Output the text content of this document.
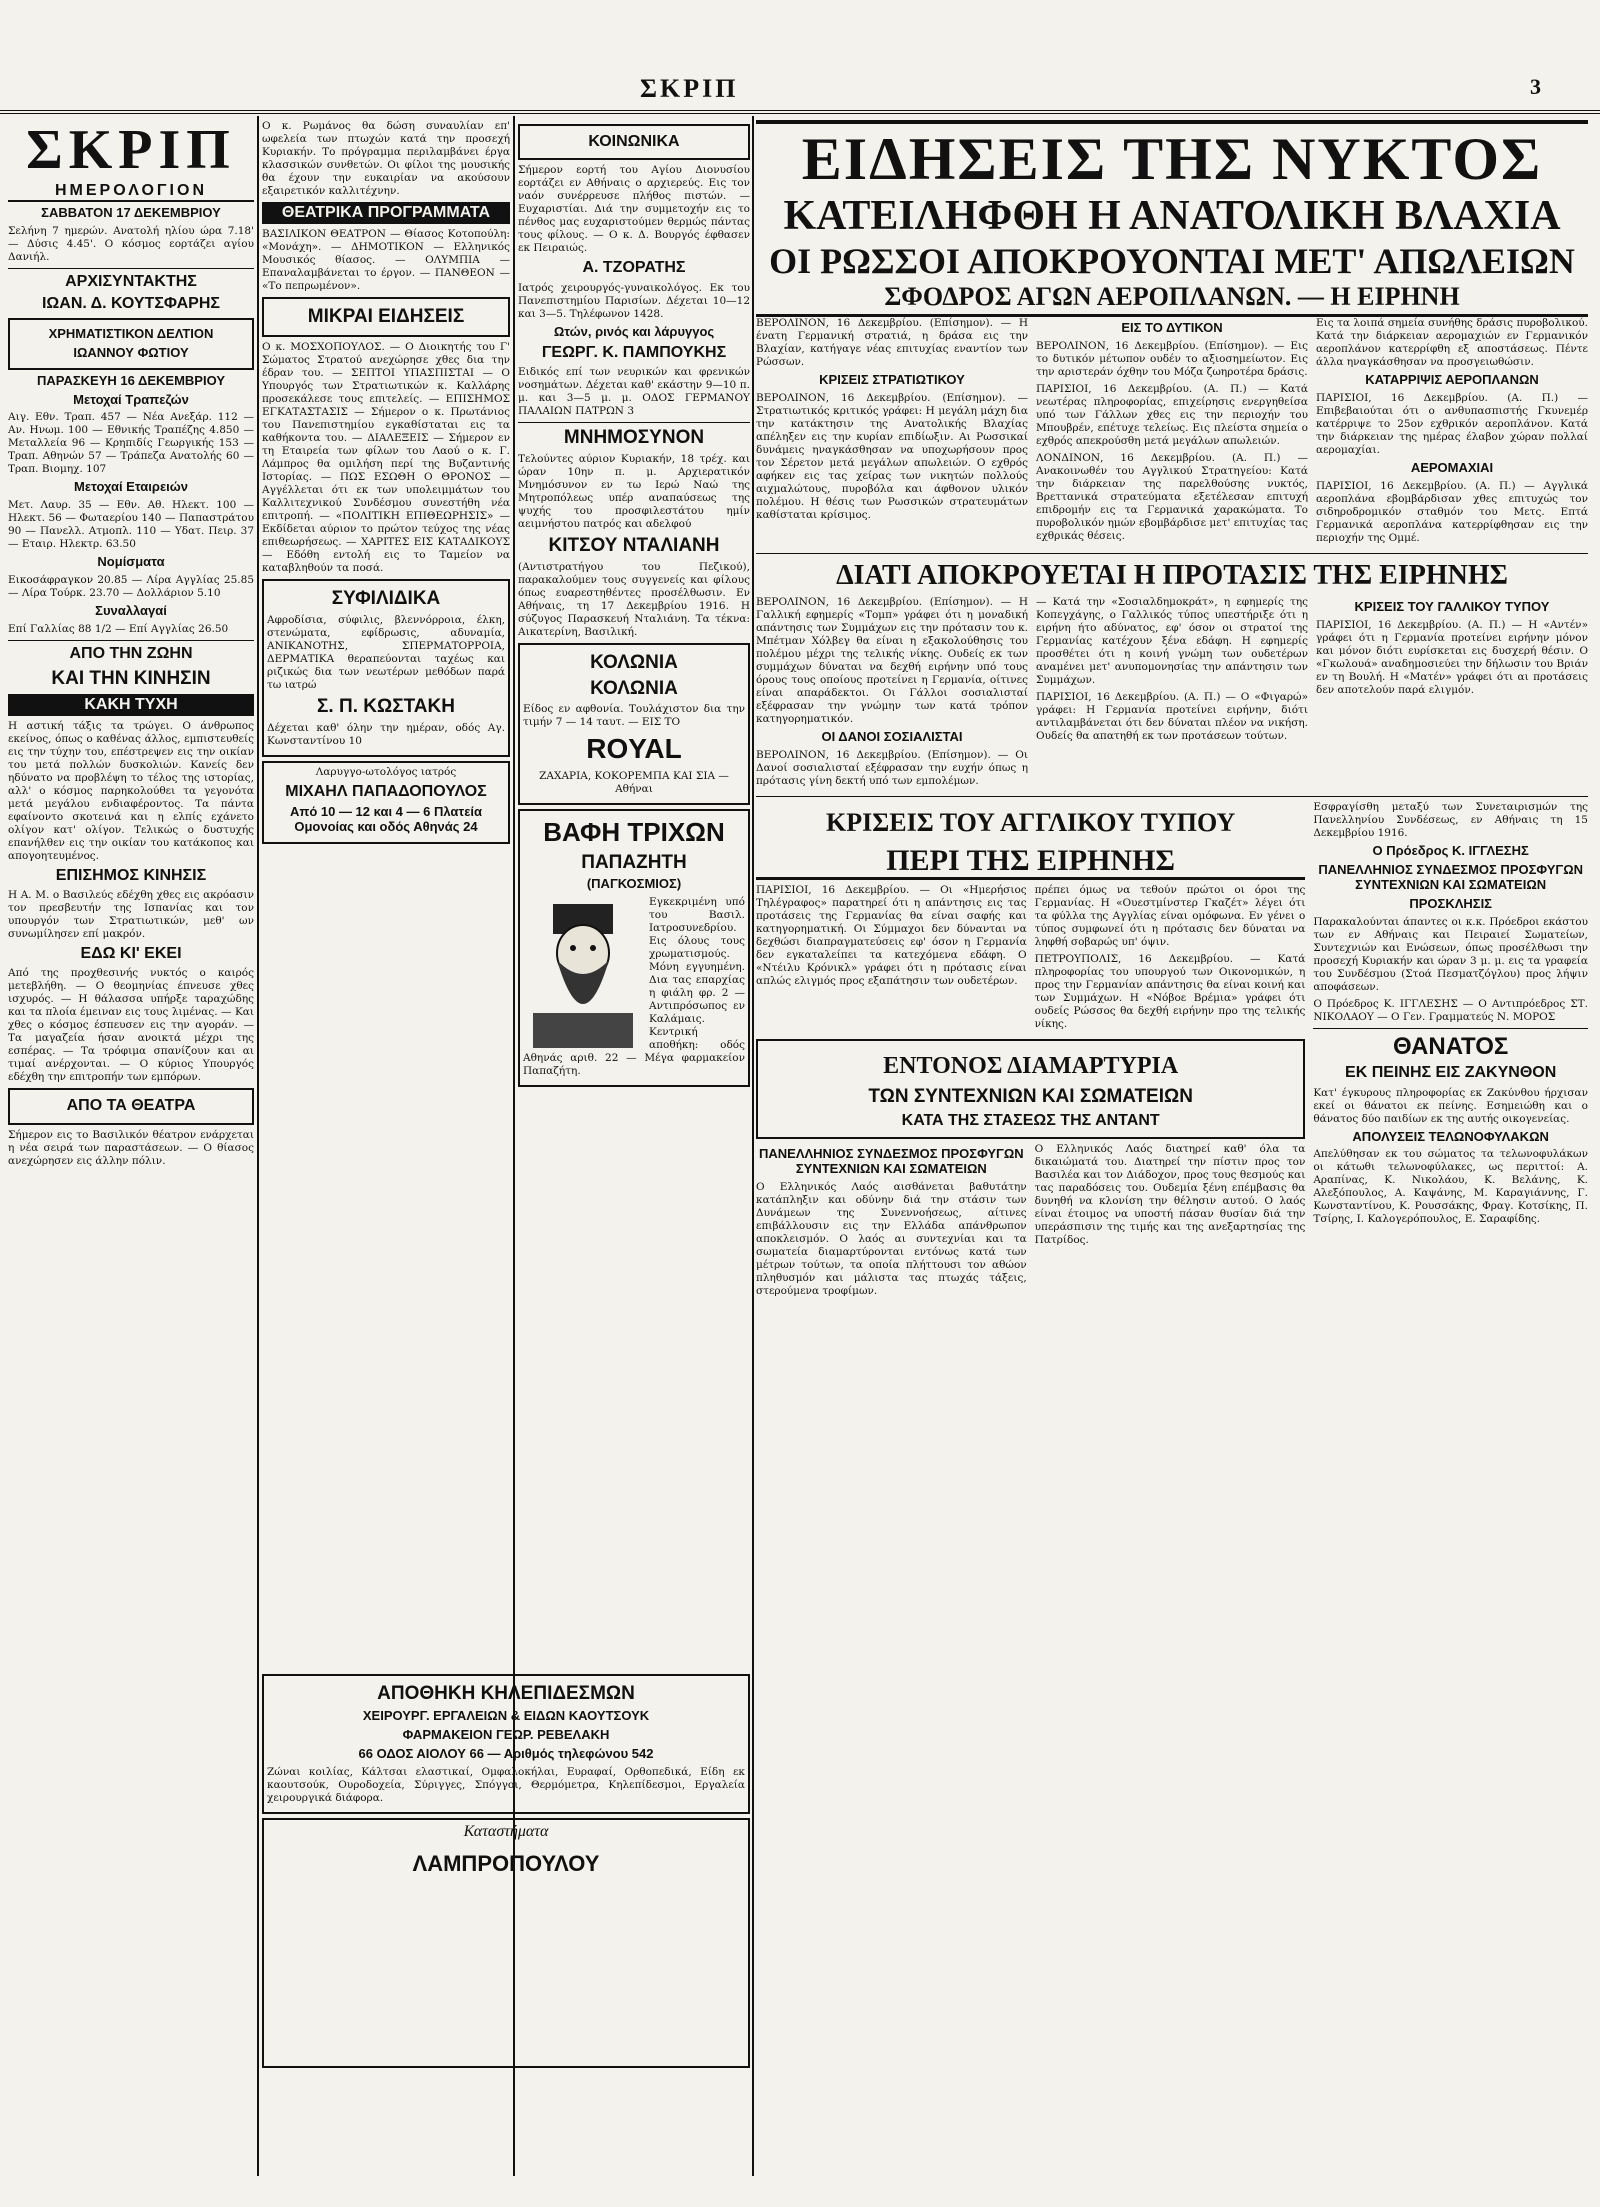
ΣΚΡΙΠ	3
ΣΚΡΙΠ
ΗΜΕΡΟΛΟΓΙΟΝ
ΣΑΒΒΑΤΟΝ 17 ΔΕΚΕΜΒΡΙΟΥ

Σελήνη 7 ημερών. Ανατολή ηλίου ώρα 7.18' — Δύσις 4.45'. Ο κόσμος εορτάζει αγίου Δανιήλ.

ΑΡΧΙΣΥΝΤΑΚΤΗΣ
ΙΩΑΝ. Δ. ΚΟΥΤΣΦΑΡΗΣ
ΧΡΗΜΑΤΙΣΤΙΚΟΝ ΔΕΛΤΙΟΝ
ΙΩΑΝΝΟΥ ΦΩΤΙΟΥ
ΠΑΡΑΣΚΕΥΗ 16 ΔΕΚΕΜΒΡΙΟΥ
Μετοχαί Τραπεζών

Αιγ. Εθν. Τραπ. 457 — Νέα Ανεξάρ. 112 — Αν. Ηνωμ. 100 — Εθνικής Τραπέζης 4.850 — Μεταλλεία 96 — Κρηπιδίς Γεωργικής 153 — Τραπ. Αθηνών 57 — Τράπεζα Ανατολής 60 — Τραπ. Βιομηχ. 107

Μετοχαί Εταιρειών

Μετ. Λαυρ. 35 — Εθν. Αθ. Ηλεκτ. 100 — Ηλεκτ. 56 — Φωταερίου 140 — Παπαστράτου 90 — Πανελλ. Ατμοπλ. 110 — Υδατ. Πειρ. 37 — Εταιρ. Ηλεκτρ. 63.50

Νομίσματα

Εικοσάφραγκον 20.85 — Λίρα Αγγλίας 25.85 — Λίρα Τούρκ. 23.70 — Δολλάριον 5.10

Συναλλαγαί

Επί Γαλλίας 88 1/2 — Επί Αγγλίας 26.50

ΑΠΟ ΤΗΝ ΖΩΗΝ
ΚΑΙ ΤΗΝ ΚΙΝΗΣΙΝ
ΚΑΚΗ ΤΥΧΗ

Η αστική τάξις τα τρώγει. Ο άνθρωπος εκείνος, όπως ο καθένας άλλος, εμπιστευθείς εις την τύχην του, επέστρεψεν εις την οικίαν του μετά πολλών δυσκολιών. Κανείς δεν ηδύνατο να προβλέψη το τέλος της ιστορίας, αλλ' ο κόσμος παρηκολούθει τα γεγονότα μετά μεγάλου ενδιαφέροντος. Τα πάντα εφαίνοντο σκοτεινά και η ελπίς εχάνετο ολίγον κατ' ολίγον. Τελικώς ο δυστυχής επανήλθεν εις την οικίαν του κατάκοπος και απογοητευμένος.

ΕΠΙΣΗΜΟΣ ΚΙΝΗΣΙΣ

Η Α. Μ. ο Βασιλεύς εδέχθη χθες εις ακρόασιν τον πρεσβευτήν της Ισπανίας και τον υπουργόν των Στρατιωτικών, μεθ' ων συνωμίλησεν επί μακρόν.

ΕΔΩ ΚΙ' ΕΚΕΙ

Από της προχθεσινής νυκτός ο καιρός μετεβλήθη. — Ο θεομηνίας έπνευσε χθες ισχυρός. — Η θάλασσα υπήρξε ταραχώδης και τα πλοία έμειναν εις τους λιμένας. — Και χθες ο κόσμος έσπευσεν εις την αγοράν. — Τα μαγαζεία ήσαν ανοικτά μέχρι της εσπέρας. — Τα τρόφιμα σπανίζουν και αι τιμαί ανέρχονται. — Ο κύριος Υπουργός εδέχθη την επιτροπήν των εμπόρων.

ΑΠΟ ΤΑ ΘΕΑΤΡΑ

Σήμερον εις το Βασιλικόν θέατρον ενάρχεται η νέα σειρά των παραστάσεων. — Ο θίασος ανεχώρησεν εις άλλην πόλιν.

Ο κ. Ρωμάνος θα δώση συναυλίαν επ' ωφελεία των πτωχών κατά την προσεχή Κυριακήν. Το πρόγραμμα περιλαμβάνει έργα κλασσικών συνθετών. Οι φίλοι της μουσικής θα έχουν την ευκαιρίαν να ακούσουν εξαιρετικόν καλλιτέχνην.

ΘΕΑΤΡΙΚΑ ΠΡΟΓΡΑΜΜΑΤΑ

ΒΑΣΙΛΙΚΟΝ ΘΕΑΤΡΟΝ — Θίασος Κοτοπούλη: «Μονάχη». — ΔΗΜΟΤΙΚΟΝ — Ελληνικός Μουσικός θίασος. — ΟΛΥΜΠΙΑ — Επαναλαμβάνεται το έργον. — ΠΑΝΘΕΟΝ — «Το πεπρωμένον».

ΜΙΚΡΑΙ ΕΙΔΗΣΕΙΣ

Ο κ. ΜΟΣΧΟΠΟΥΛΟΣ. — Ο Διοικητής του Γ' Σώματος Στρατού ανεχώρησε χθες δια την έδραν του. — ΣΕΠΤΟΙ ΥΠΑΣΠΙΣΤΑΙ — Ο Υπουργός των Στρατιωτικών κ. Καλλάρης προσεκάλεσε τους επιτελείς. — ΕΠΙΣΗΜΟΣ ΕΓΚΑΤΑΣΤΑΣΙΣ — Σήμερον ο κ. Πρωτάνιος του Πανεπιστημίου εγκαθίσταται εις τα καθήκοντα του. — ΔΙΑΛΕΞΕΙΣ — Σήμερον εν τη Εταιρεία των φίλων του Λαού ο κ. Γ. Λάμπρος θα ομιλήση περί της Βυζαντινής Ιστορίας. — ΠΩΣ ΕΣΩΘΗ Ο ΘΡΟΝΟΣ — Αγγέλλεται ότι εκ των υπολειμμάτων του Καλλιτεχνικού Συνδέσμου συνεστήθη νέα επιτροπή. — «ΠΟΛΙΤΙΚΗ ΕΠΙΘΕΩΡΗΣΙΣ» — Εκδίδεται αύριον το πρώτον τεύχος της νέας επιθεωρήσεως. — ΧΑΡΙΤΕΣ ΕΙΣ ΚΑΤΑΔΙΚΟΥΣ — Εδόθη εντολή εις το Ταμείον να καταβληθούν τα ποσά.

ΣΥΦΙΛΙΔΙΚΑ

Αφροδίσια, σύφιλις, βλεννόρροια, έλκη, στενώματα, εφίδρωσις, αδυναμία, ΑΝΙΚΑΝΟΤΗΣ, ΣΠΕΡΜΑΤΟΡΡΟΙΑ, ΔΕΡΜΑΤΙΚΑ θεραπεύονται ταχέως και ριζικώς δια των νεωτέρων μεθόδων παρά τω ιατρώ

Σ. Π. ΚΩΣΤΑΚΗ

Δέχεται καθ' όλην την ημέραν, οδός Αγ. Κωνσταντίνου 10

Λαρυγγο-ωτολόγος ιατρός

ΜΙΧΑΗΛ ΠΑΠΑΔΟΠΟΥΛΟΣ
Από 10 — 12 και 4 — 6 Πλατεία Ομονοίας και οδός Αθηνάς 24
ΚΟΙΝΩΝΙΚΑ

Σήμερον εορτή του Αγίου Διονυσίου εορτάζει εν Αθήναις ο αρχιερεύς. Εις τον ναόν συνέρρευσε πλήθος πιστών. — Ευχαριστίαι. Διά την συμμετοχήν εις το πένθος μας ευχαριστούμεν θερμώς πάντας τους φίλους. — Ο κ. Δ. Βουργός έφθασεν εκ Πειραιώς.

Α. ΤΖΟΡΑΤΗΣ

Ιατρός χειρουργός-γυναικολόγος. Εκ του Πανεπιστημίου Παρισίων. Δέχεται 10—12 και 3—5. Τηλέφωνον 1428.

Ωτών, ρινός και λάρυγγος
ΓΕΩΡΓ. Κ. ΠΑΜΠΟΥΚΗΣ

Ειδικός επί των νευρικών και φρενικών νοσημάτων. Δέχεται καθ' εκάστην 9—10 π. μ. και 3—5 μ. μ. ΟΔΟΣ ΓΕΡΜΑΝΟΥ ΠΑΛΑΙΩΝ ΠΑΤΡΩΝ 3

ΜΝΗΜΟΣΥΝΟΝ

Τελούντες αύριον Κυριακήν, 18 τρέχ. και ώραν 10ην π. μ. Αρχιερατικόν Μνημόσυνον εν τω Ιερώ Ναώ της Μητροπόλεως υπέρ αναπαύσεως της ψυχής του προσφιλεστάτου ημίν αειμνήστου πατρός και αδελφού

ΚΙΤΣΟΥ ΝΤΑΛΙΑΝΗ

(Αντιστρατήγου του Πεζικού), παρακαλούμεν τους συγγενείς και φίλους όπως ευαρεστηθέντες προσέλθωσιν. Εν Αθήναις, τη 17 Δεκεμβρίου 1916. Η σύζυγος Παρασκευή Νταλιάνη. Τα τέκνα: Αικατερίνη, Βασιλική.

ΚΟΛΩΝΙΑ
ΚΟΛΩΝΙΑ

Είδος εν αφθονία. Τουλάχιστον δια την τιμήν 7 — 14 ταυτ. — ΕΙΣ ΤΟ

ROYAL

ΖΑΧΑΡΙΑ, ΚΟΚΟΡΕΜΠΑ ΚΑΙ ΣΙΑ — Αθήναι

ΒΑΦΗ ΤΡΙΧΩΝ
ΠΑΠΑΖΗΤΗ
(ΠΑΓΚΟΣΜΙΟΣ)

Εγκεκριμένη υπό του Βασιλ. Ιατροσυνεδρίου. Εις όλους τους χρωματισμούς. Μόνη εγγυημένη. Δια τας επαρχίας η φιάλη φρ. 2 — Αντιπρόσωπος εν Καλάμαις. Κεντρική αποθήκη: οδός Αθηνάς αριθ. 22 — Μέγα φαρμακείον Παπαζήτη.

ΑΠΟΘΗΚΗ ΚΗΛΕΠΙΔΕΣΜΩΝ
ΧΕΙΡΟΥΡΓ. ΕΡΓΑΛΕΙΩΝ & ΕΙΔΩΝ ΚΑΟΥΤΣΟΥΚ
ΦΑΡΜΑΚΕΙΟΝ ΓΕΩΡ. ΡΕΒΕΛΑΚΗ
66 ΟΔΟΣ ΑΙΟΛΟΥ 66 — Αριθμός τηλεφώνου 542

Ζώναι κοιλίας, Κάλτσαι ελαστικαί, Ομφαλοκήλαι, Ευραφαί, Ορθοπεδικά, Είδη εκ καουτσούκ, Ουροδοχεία, Σύριγγες, Σπόγγοι, Θερμόμετρα, Κηλεπίδεσμοι, Εργαλεία χειρουργικά διάφορα.

Καταστήματα
ΛΑΜΠΡΟΠΟΥΛΟΥ
ΕΙΔΗΣΕΙΣ ΤΗΣ ΝΥΚΤΟΣ
ΚΑΤΕΙΛΗΦΘΗ Η ΑΝΑΤΟΛΙΚΗ ΒΛΑΧΙΑ
ΟΙ ΡΩΣΣΟΙ ΑΠΟΚΡΟΥΟΝΤΑΙ ΜΕΤ' ΑΠΩΛΕΙΩΝ
ΣΦΟΔΡΟΣ ΑΓΩΝ ΑΕΡΟΠΛΑΝΩΝ. — Η ΕΙΡΗΝΗ

ΒΕΡΟΛΙΝΟΝ, 16 Δεκεμβρίου. (Επίσημον). — Η ένατη Γερμανική στρατιά, η δράσα εις την Βλαχίαν, κατήγαγε νέας επιτυχίας εναντίον των Ρώσσων.

ΚΡΙΣΕΙΣ ΣΤΡΑΤΙΩΤΙΚΟΥ

ΒΕΡΟΛΙΝΟΝ, 16 Δεκεμβρίου. (Επίσημον). — Στρατιωτικός κριτικός γράφει: Η μεγάλη μάχη δια την κατάκτησιν της Ανατολικής Βλαχίας απέληξεν εις την κυρίαν επιδίωξιν. Αι Ρωσσικαί δυνάμεις ηναγκάσθησαν να υποχωρήσουν προς τον Σέρετον μετά μεγάλων απωλειών. Ο εχθρός αφήκεν εις τας χείρας των νικητών πολλούς αιχμαλώτους, πυροβόλα και άφθονον υλικόν πολέμου. Η θέσις των Ρωσσικών στρατευμάτων καθίσταται κρίσιμος.

ΕΙΣ ΤΟ ΔΥΤΙΚΟΝ

ΒΕΡΟΛΙΝΟΝ, 16 Δεκεμβρίου. (Επίσημον). — Εις το δυτικόν μέτωπον ουδέν το αξιοσημείωτον. Εις την αριστεράν όχθην του Μόζα ζωηροτέρα δράσις.

ΠΑΡΙΣΙΟΙ, 16 Δεκεμβρίου. (Α. Π.) — Κατά νεωτέρας πληροφορίας, επιχείρησις ενεργηθείσα υπό των Γάλλων χθες εις την περιοχήν του Μπουβρέν, επέτυχε τελείως. Εις πλείστα σημεία ο εχθρός απεκρούσθη μετά μεγάλων απωλειών.

ΛΟΝΔΙΝΟΝ, 16 Δεκεμβρίου. (Α. Π.) — Ανακοινωθέν του Αγγλικού Στρατηγείου: Κατά την διάρκειαν της παρελθούσης νυκτός, Βρεττανικά στρατεύματα εξετέλεσαν επιτυχή επιδρομήν εις τα Γερμανικά χαρακώματα. Το πυροβολικόν ημών εβομβάρδισε μετ' επιτυχίας τας εχθρικάς θέσεις.

Εις τα λοιπά σημεία συνήθης δράσις πυροβολικού. Κατά την διάρκειαν αερομαχιών εν Γερμανικόν αεροπλάνον κατερρίφθη εξ αποστάσεως. Πέντε άλλα ηναγκάσθησαν να προσγειωθώσιν.

ΚΑΤΑΡΡΙΨΙΣ ΑΕΡΟΠΛΑΝΩΝ

ΠΑΡΙΣΙΟΙ, 16 Δεκεμβρίου. (Α. Π.) — Επιβεβαιούται ότι ο ανθυπασπιστής Γκυνεμέρ κατέρριψε το 25ον εχθρικόν αεροπλάνον. Κατά την διάρκειαν της ημέρας έλαβον χώραν πολλαί αερομαχίαι.

ΑΕΡΟΜΑΧΙΑΙ

ΠΑΡΙΣΙΟΙ, 16 Δεκεμβρίου. (Α. Π.) — Αγγλικά αεροπλάνα εβομβάρδισαν χθες επιτυχώς τον σιδηροδρομικόν σταθμόν του Μετς. Επτά Γερμανικά αεροπλάνα κατερρίφθησαν εις την περιοχήν της Ομμέ.

ΔΙΑΤΙ ΑΠΟΚΡΟΥΕΤΑΙ Η ΠΡΟΤΑΣΙΣ ΤΗΣ ΕΙΡΗΝΗΣ

ΒΕΡΟΛΙΝΟΝ, 16 Δεκεμβρίου. (Επίσημον). — Η Γαλλική εφημερίς «Τομπ» γράφει ότι η μοναδική απάντησις των Συμμάχων εις την πρότασιν του κ. Μπέτμαν Χόλβεγ θα είναι η εξακολούθησις του πολέμου μέχρι της τελικής νίκης. Ουδείς εκ των συμμάχων δύναται να δεχθή ειρήνην υπό τους όρους τους οποίους προτείνει η Γερμανία, οίτινες είναι απαράδεκτοι. Οι Γάλλοι σοσιαλισταί εξέφρασαν την γνώμην των κατά τρόπον κατηγορηματικόν.

ΟΙ ΔΑΝΟΙ ΣΟΣΙΑΛΙΣΤΑΙ

ΒΕΡΟΛΙΝΟΝ, 16 Δεκεμβρίου. (Επίσημον). — Οι Δανοί σοσιαλισταί εξέφρασαν την ευχήν όπως η πρότασις γίνη δεκτή υπό των εμπολέμων.

— Κατά την «Σοσιαλδημοκράτ», η εφημερίς της Κοπεγχάγης, ο Γαλλικός τύπος υπεστήριξε ότι η ειρήνη ήτο αδύνατος, εφ' όσον οι στρατοί της Γερμανίας κατέχουν ξένα εδάφη. Η εφημερίς προσθέτει ότι η κοινή γνώμη των ουδετέρων αναμένει μετ' ανυπομονησίας την απάντησιν των Συμμάχων.

ΠΑΡΙΣΙΟΙ, 16 Δεκεμβρίου. (Α. Π.) — Ο «Φιγαρώ» γράφει: Η Γερμανία προτείνει ειρήνην, διότι αντιλαμβάνεται ότι δεν δύναται πλέον να νικήση. Ουδείς θα απατηθή εκ των προτάσεων τούτων.

ΚΡΙΣΕΙΣ ΤΟΥ ΓΑΛΛΙΚΟΥ ΤΥΠΟΥ

ΠΑΡΙΣΙΟΙ, 16 Δεκεμβρίου. (Α. Π.) — Η «Αντέν» γράφει ότι η Γερμανία προτείνει ειρήνην μόνον και μόνον διότι ευρίσκεται εις δυσχερή θέσιν. Ο «Γκωλουά» αναδημοσιεύει την δήλωσιν του Βριάν εν τη Βουλή. Η «Ματέν» γράφει ότι αι προτάσεις δεν αποτελούν παρά ελιγμόν.

ΚΡΙΣΕΙΣ ΤΟΥ ΑΓΓΛΙΚΟΥ ΤΥΠΟΥ
ΠΕΡΙ ΤΗΣ ΕΙΡΗΝΗΣ

ΠΑΡΙΣΙΟΙ, 16 Δεκεμβρίου. — Οι «Ημερήσιος Τηλέγραφος» παρατηρεί ότι η απάντησις εις τας προτάσεις της Γερμανίας θα είναι σαφής και κατηγορηματική. Οι Σύμμαχοι δεν δύνανται να δεχθώσι διαπραγματεύσεις εφ' όσον η Γερμανία δεν εγκαταλείπει τα κατεχόμενα εδάφη. Ο «Ντέιλυ Κρόνικλ» γράφει ότι η πρότασις είναι απλώς ελιγμός προς εξαπάτησιν των ουδετέρων.

πρέπει όμως να τεθούν πρώτοι οι όροι της Γερμανίας. Η «Ουεστμίνστερ Γκαζέτ» λέγει ότι τα φύλλα της Αγγλίας είναι ομόφωνα. Εν γένει ο τύπος συμφωνεί ότι η πρότασις δεν δύναται να ληφθή σοβαρώς υπ' όψιν.

ΠΕΤΡΟΥΠΟΛΙΣ, 16 Δεκεμβρίου. — Κατά πληροφορίας του υπουργού των Οικονομικών, η προς την Γερμανίαν απάντησις θα είναι κοινή και των Συμμάχων. Η «Νόβοε Βρέμια» γράφει ότι ουδείς Ρώσσος θα δεχθή ειρήνην προ της τελικής νίκης.

ΕΝΤΟΝΟΣ ΔΙΑΜΑΡΤΥΡΙΑ
ΤΩΝ ΣΥΝΤΕΧΝΙΩΝ ΚΑΙ ΣΩΜΑΤΕΙΩΝ
ΚΑΤΑ ΤΗΣ ΣΤΑΣΕΩΣ ΤΗΣ ΑΝΤΑΝΤ
ΠΑΝΕΛΛΗΝΙΟΣ ΣΥΝΔΕΣΜΟΣ ΠΡΟΣΦΥΓΩΝ ΣΥΝΤΕΧΝΙΩΝ ΚΑΙ ΣΩΜΑΤΕΙΩΝ

Ο Ελληνικός Λαός αισθάνεται βαθυτάτην κατάπληξιν και οδύνην διά την στάσιν των Δυνάμεων της Συνεννοήσεως, αίτινες επιβάλλουσιν εις την Ελλάδα απάνθρωπον αποκλεισμόν. Ο λαός αι συντεχνίαι και τα σωματεία διαμαρτύρονται εντόνως κατά των μέτρων τούτων, τα οποία πλήττουσι τον αθώον πληθυσμόν και μάλιστα τας πτωχάς τάξεις, στερούμενα τροφίμων.

Ο Ελληνικός Λαός διατηρεί καθ' όλα τα δικαιώματά του. Διατηρεί την πίστιν προς τον Βασιλέα και τον Διάδοχον, προς τους θεσμούς και τας παραδόσεις του. Ουδεμία ξένη επέμβασις θα δυνηθή να κλονίση την θέλησιν αυτού. Ο λαός είναι έτοιμος να υποστή πάσαν θυσίαν διά την υπεράσπισιν της τιμής και της ανεξαρτησίας της Πατρίδος.

Εσφραγίσθη μεταξύ των Συνεταιρισμών της Πανελληνίου Συνδέσεως, εν Αθήναις τη 15 Δεκεμβρίου 1916.

Ο Πρόεδρος Κ. ΙΓΓΛΕΣΗΣ
ΠΑΝΕΛΛΗΝΙΟΣ ΣΥΝΔΕΣΜΟΣ ΠΡΟΣΦΥΓΩΝ ΣΥΝΤΕΧΝΙΩΝ ΚΑΙ ΣΩΜΑΤΕΙΩΝ
ΠΡΟΣΚΛΗΣΙΣ

Παρακαλούνται άπαντες οι κ.κ. Πρόεδροι εκάστου των εν Αθήναις και Πειραιεί Σωματείων, Συντεχνιών και Ενώσεων, όπως προσέλθωσι την προσεχή Κυριακήν και ώραν 3 μ. μ. εις τα γραφεία του Συνδέσμου (Στοά Πεσματζόγλου) προς λήψιν αποφάσεων.

Ο Πρόεδρος Κ. ΙΓΓΛΕΣΗΣ — Ο Αντιπρόεδρος ΣΤ. ΝΙΚΟΛΑΟΥ — Ο Γεν. Γραμματεύς Ν. ΜΟΡΟΣ

ΘΑΝΑΤΟΣ
ΕΚ ΠΕΙΝΗΣ ΕΙΣ ΖΑΚΥΝΘΟΝ

Κατ' έγκυρους πληροφορίας εκ Ζακύνθου ήρχισαν εκεί οι θάνατοι εκ πείνης. Εσημειώθη και ο θάνατος δύο παιδίων εκ της αυτής οικογενείας.

ΑΠΟΛΥΣΕΙΣ ΤΕΛΩΝΟΦΥΛΑΚΩΝ

Απελύθησαν εκ του σώματος τα τελωνοφυλάκων οι κάτωθι τελωνοφύλακες, ως περιττοί: Α. Αραπίνας, Κ. Νικολάου, Κ. Βελάνης, Κ. Αλεξόπουλος, Α. Καψάνης, Μ. Καραγιάννης, Γ. Κωνσταντίνου, Κ. Ρουσσάκης, Φραγ. Κοτσίκης, Π. Τσίρης, Ι. Καλογερόπουλος, Ε. Σαραφίδης.
